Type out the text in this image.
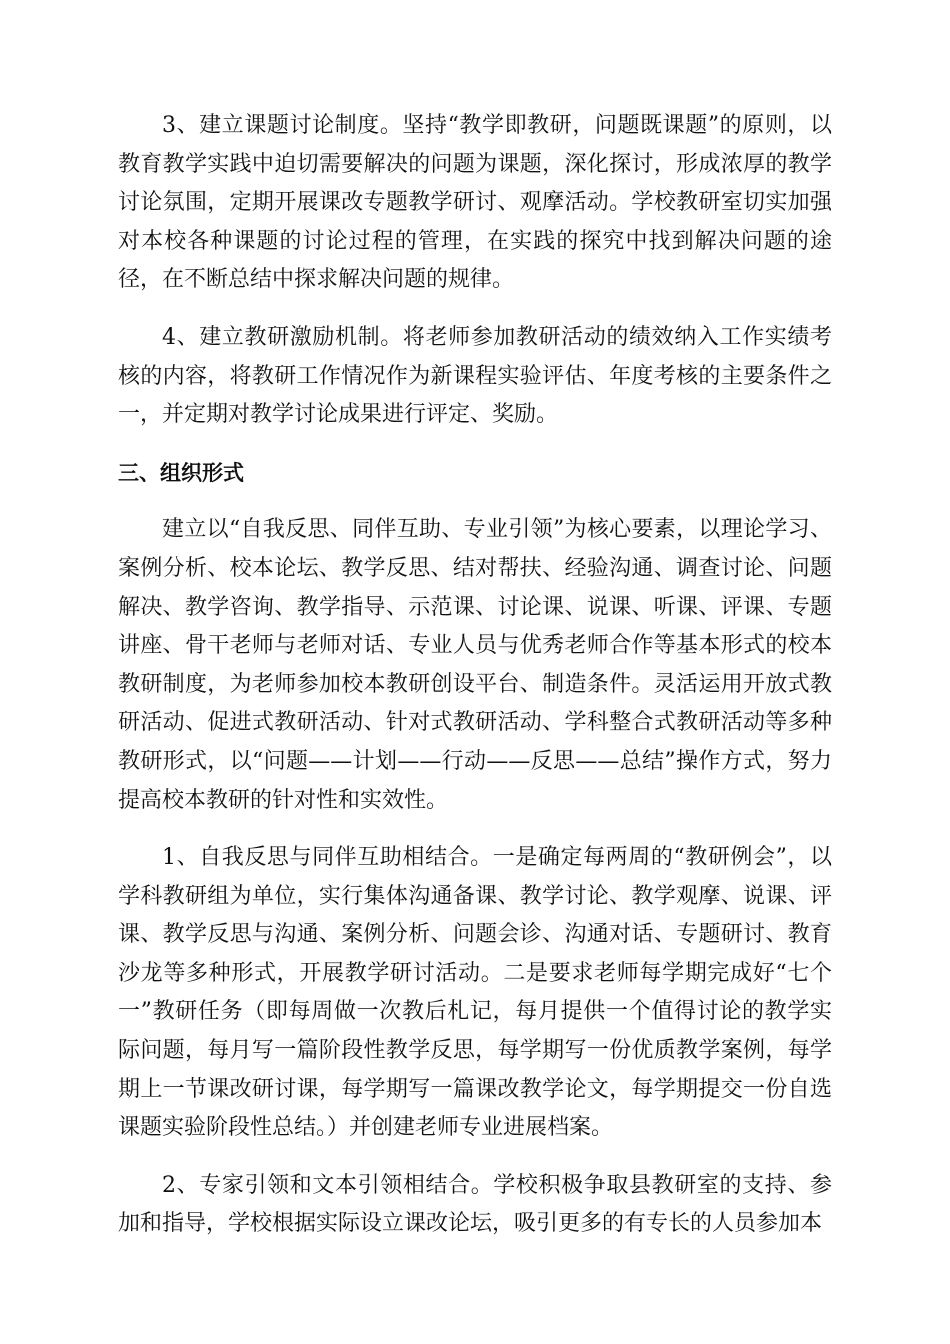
3、建立课题讨论制度。坚持“教学即教研，问题既课题”的原则，以教育教学实践中迫切需要解决的问题为课题，深化探讨，形成浓厚的教学讨论氛围，定期开展课改专题教学研讨、观摩活动。学校教研室切实加强对本校各种课题的讨论过程的管理，在实践的探究中找到解决问题的途径，在不断总结中探求解决问题的规律。

4、建立教研激励机制。将老师参加教研活动的绩效纳入工作实绩考核的内容，将教研工作情况作为新课程实验评估、年度考核的主要条件之一，并定期对教学讨论成果进行评定、奖励。

三、组织形式

建立以“自我反思、同伴互助、专业引领”为核心要素，以理论学习、案例分析、校本论坛、教学反思、结对帮扶、经验沟通、调查讨论、问题解决、教学咨询、教学指导、示范课、讨论课、说课、听课、评课、专题讲座、骨干老师与老师对话、专业人员与优秀老师合作等基本形式的校本教研制度，为老师参加校本教研创设平台、制造条件。灵活运用开放式教研活动、促进式教研活动、针对式教研活动、学科整合式教研活动等多种教研形式，以“问题——计划——行动——反思——总结”操作方式，努力提高校本教研的针对性和实效性。

1、自我反思与同伴互助相结合。一是确定每两周的“教研例会”，以学科教研组为单位，实行集体沟通备课、教学讨论、教学观摩、说课、评课、教学反思与沟通、案例分析、问题会诊、沟通对话、专题研讨、教育沙龙等多种形式，开展教学研讨活动。二是要求老师每学期完成好“七个一”教研任务（即每周做一次教后札记，每月提供一个值得讨论的教学实际问题，每月写一篇阶段性教学反思，每学期写一份优质教学案例，每学期上一节课改研讨课，每学期写一篇课改教学论文，每学期提交一份自选课题实验阶段性总结。）并创建老师专业进展档案。

2、专家引领和文本引领相结合。学校积极争取县教研室的支持、参加和指导，学校根据实际设立课改论坛，吸引更多的有专长的人员参加本
